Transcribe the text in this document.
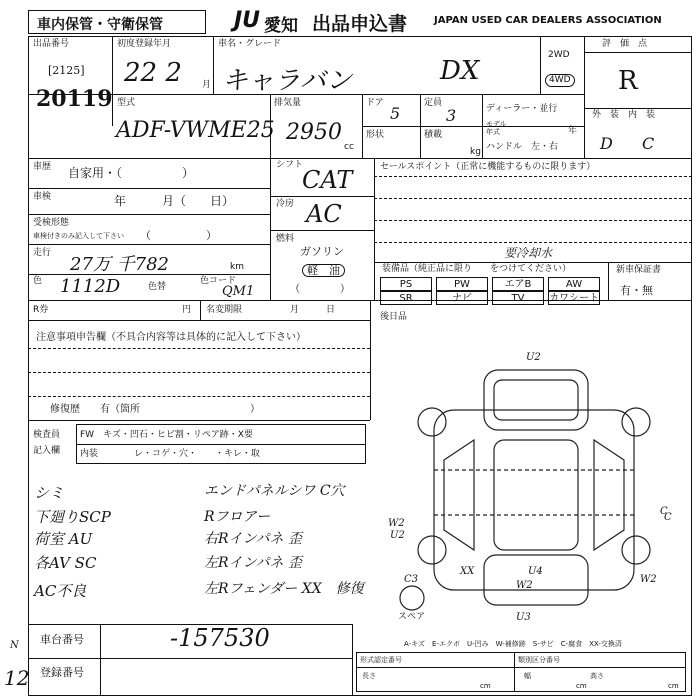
車内保管・守衛保管	JU 愛知 出品申込書	JAPAN USED CAR DEALERS ASSOCIATION
出品番号
[2125]
20119
初度登録年月
22 2 月
車名・グレード
キャラバン	DX
2WD
4WD
評　価　点
R
外　装　内　装
D C
型式
ADF-VWME25
排気量
2950
cc
ドア
5
定員
3
形状	積載
kg
ディーラー・並行
モデル
年式	年
ハンドル　左・右
車歴 自家用・（　　　　　）
車検	年　　　月（　　日）
受検形態
車検付きのみ記入して下さい （　　　　　）
走行
27万 千782	km
色 1112D	色替
色コード
QM1
シフト
CAT
冷房 AC
燃料
ガソリン
軽　油
（　　　　）
セールスポイント（正常に機能するものに限ります）
要冷却水
装備品（純正品に限り　　をつけてください）	新車保証書
有・無
PS	PW	エアB	AW
SR	ナビ	TV	カワシート
R券	円 名変期限	月　　　日
後日品
注意事項申告欄（不具合内容等は具体的に記入して下さい）
修復歴　　有（箇所　　　　　　　　　　　）
検査員
記入欄
FW　キズ・凹石・ヒビ割・リペア跡・X要
内装　　　　レ・コゲ・穴・　　・キレ・取
シミ
下廻りSCP
荷室 AU
各AV SC
AC不良
エンドパネルシワ C穴
Rフロアー
右Rインパネ 歪
左Rインパネ 歪
左Rフェンダー XX　修復
U2
W2
U2
C
C3
XX	U4
W2
W2
U3
C
スペア
A-キズ　E-エクボ　U-凹み　W-補修跡　S-サビ　C-腐食　XX-交換済
車台番号	-157530
登録番号
12
N
形式認定番号	類別区分番号
長さ
cm
幅
cm
高さ
cm
